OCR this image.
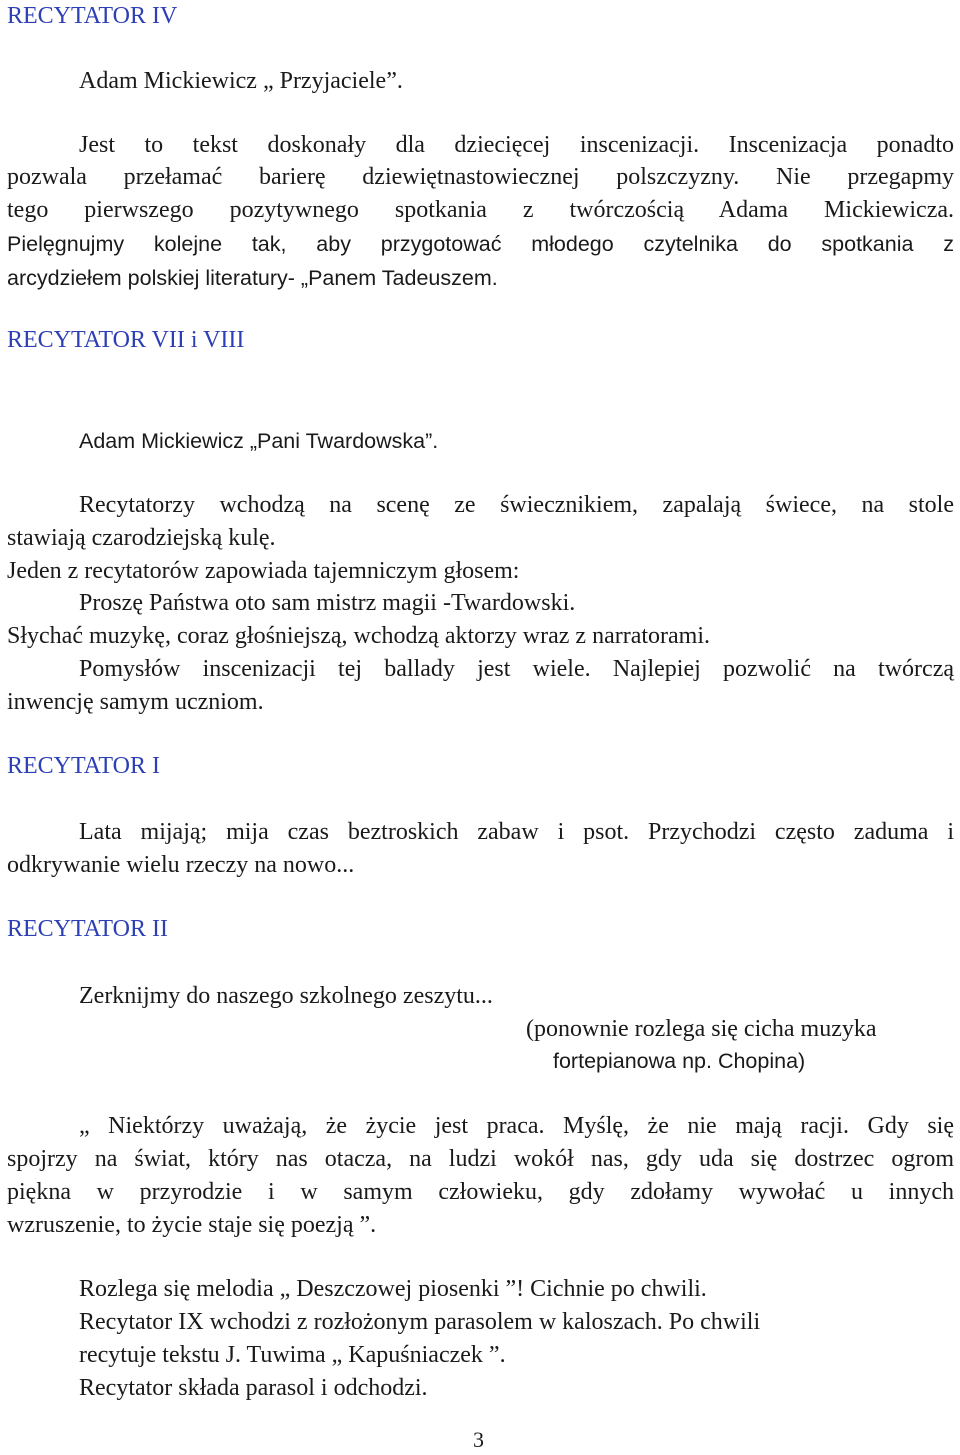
RECYTATOR IV
Adam Mickiewicz „ Przyjaciele”.
Jest to tekst doskonały dla dziecięcej inscenizacji. Inscenizacja ponadto
pozwala przełamać barierę dziewiętnastowiecznej polszczyzny. Nie przegapmy
tego pierwszego pozytywnego spotkania z twórczością Adama Mickiewicza.
Pielęgnujmy kolejne tak, aby przygotować młodego czytelnika do spotkania z
arcydziełem polskiej literatury- „Panem Tadeuszem.
RECYTATOR VII i VIII
Adam Mickiewicz „Pani Twardowska”.
Recytatorzy wchodzą na scenę ze świecznikiem, zapalają świece, na stole
stawiają czarodziejską kulę.
Jeden z recytatorów zapowiada tajemniczym głosem:
Proszę Państwa oto sam mistrz magii -Twardowski.
Słychać muzykę, coraz głośniejszą, wchodzą aktorzy wraz z narratorami.
Pomysłów inscenizacji tej ballady jest wiele. Najlepiej pozwolić na twórczą
inwencję samym uczniom.
RECYTATOR I
Lata mijają; mija czas beztroskich zabaw i psot. Przychodzi często zaduma i
odkrywanie wielu rzeczy na nowo...
RECYTATOR II
Zerknijmy do naszego szkolnego zeszytu...
(ponownie rozlega się cicha muzyka
fortepianowa np. Chopina)
„ Niektórzy uważają, że życie jest praca. Myślę, że nie mają racji. Gdy się
spojrzy na świat, który nas otacza, na ludzi wokół nas, gdy uda się dostrzec ogrom
piękna w przyrodzie i w samym człowieku, gdy zdołamy wywołać u innych
wzruszenie, to życie staje się poezją ”.
Rozlega się melodia „ Deszczowej piosenki ”! Cichnie po chwili.
Recytator IX wchodzi z rozłożonym parasolem w kaloszach. Po chwili
recytuje tekstu J. Tuwima „ Kapuśniaczek ”.
Recytator składa parasol i odchodzi.
3
